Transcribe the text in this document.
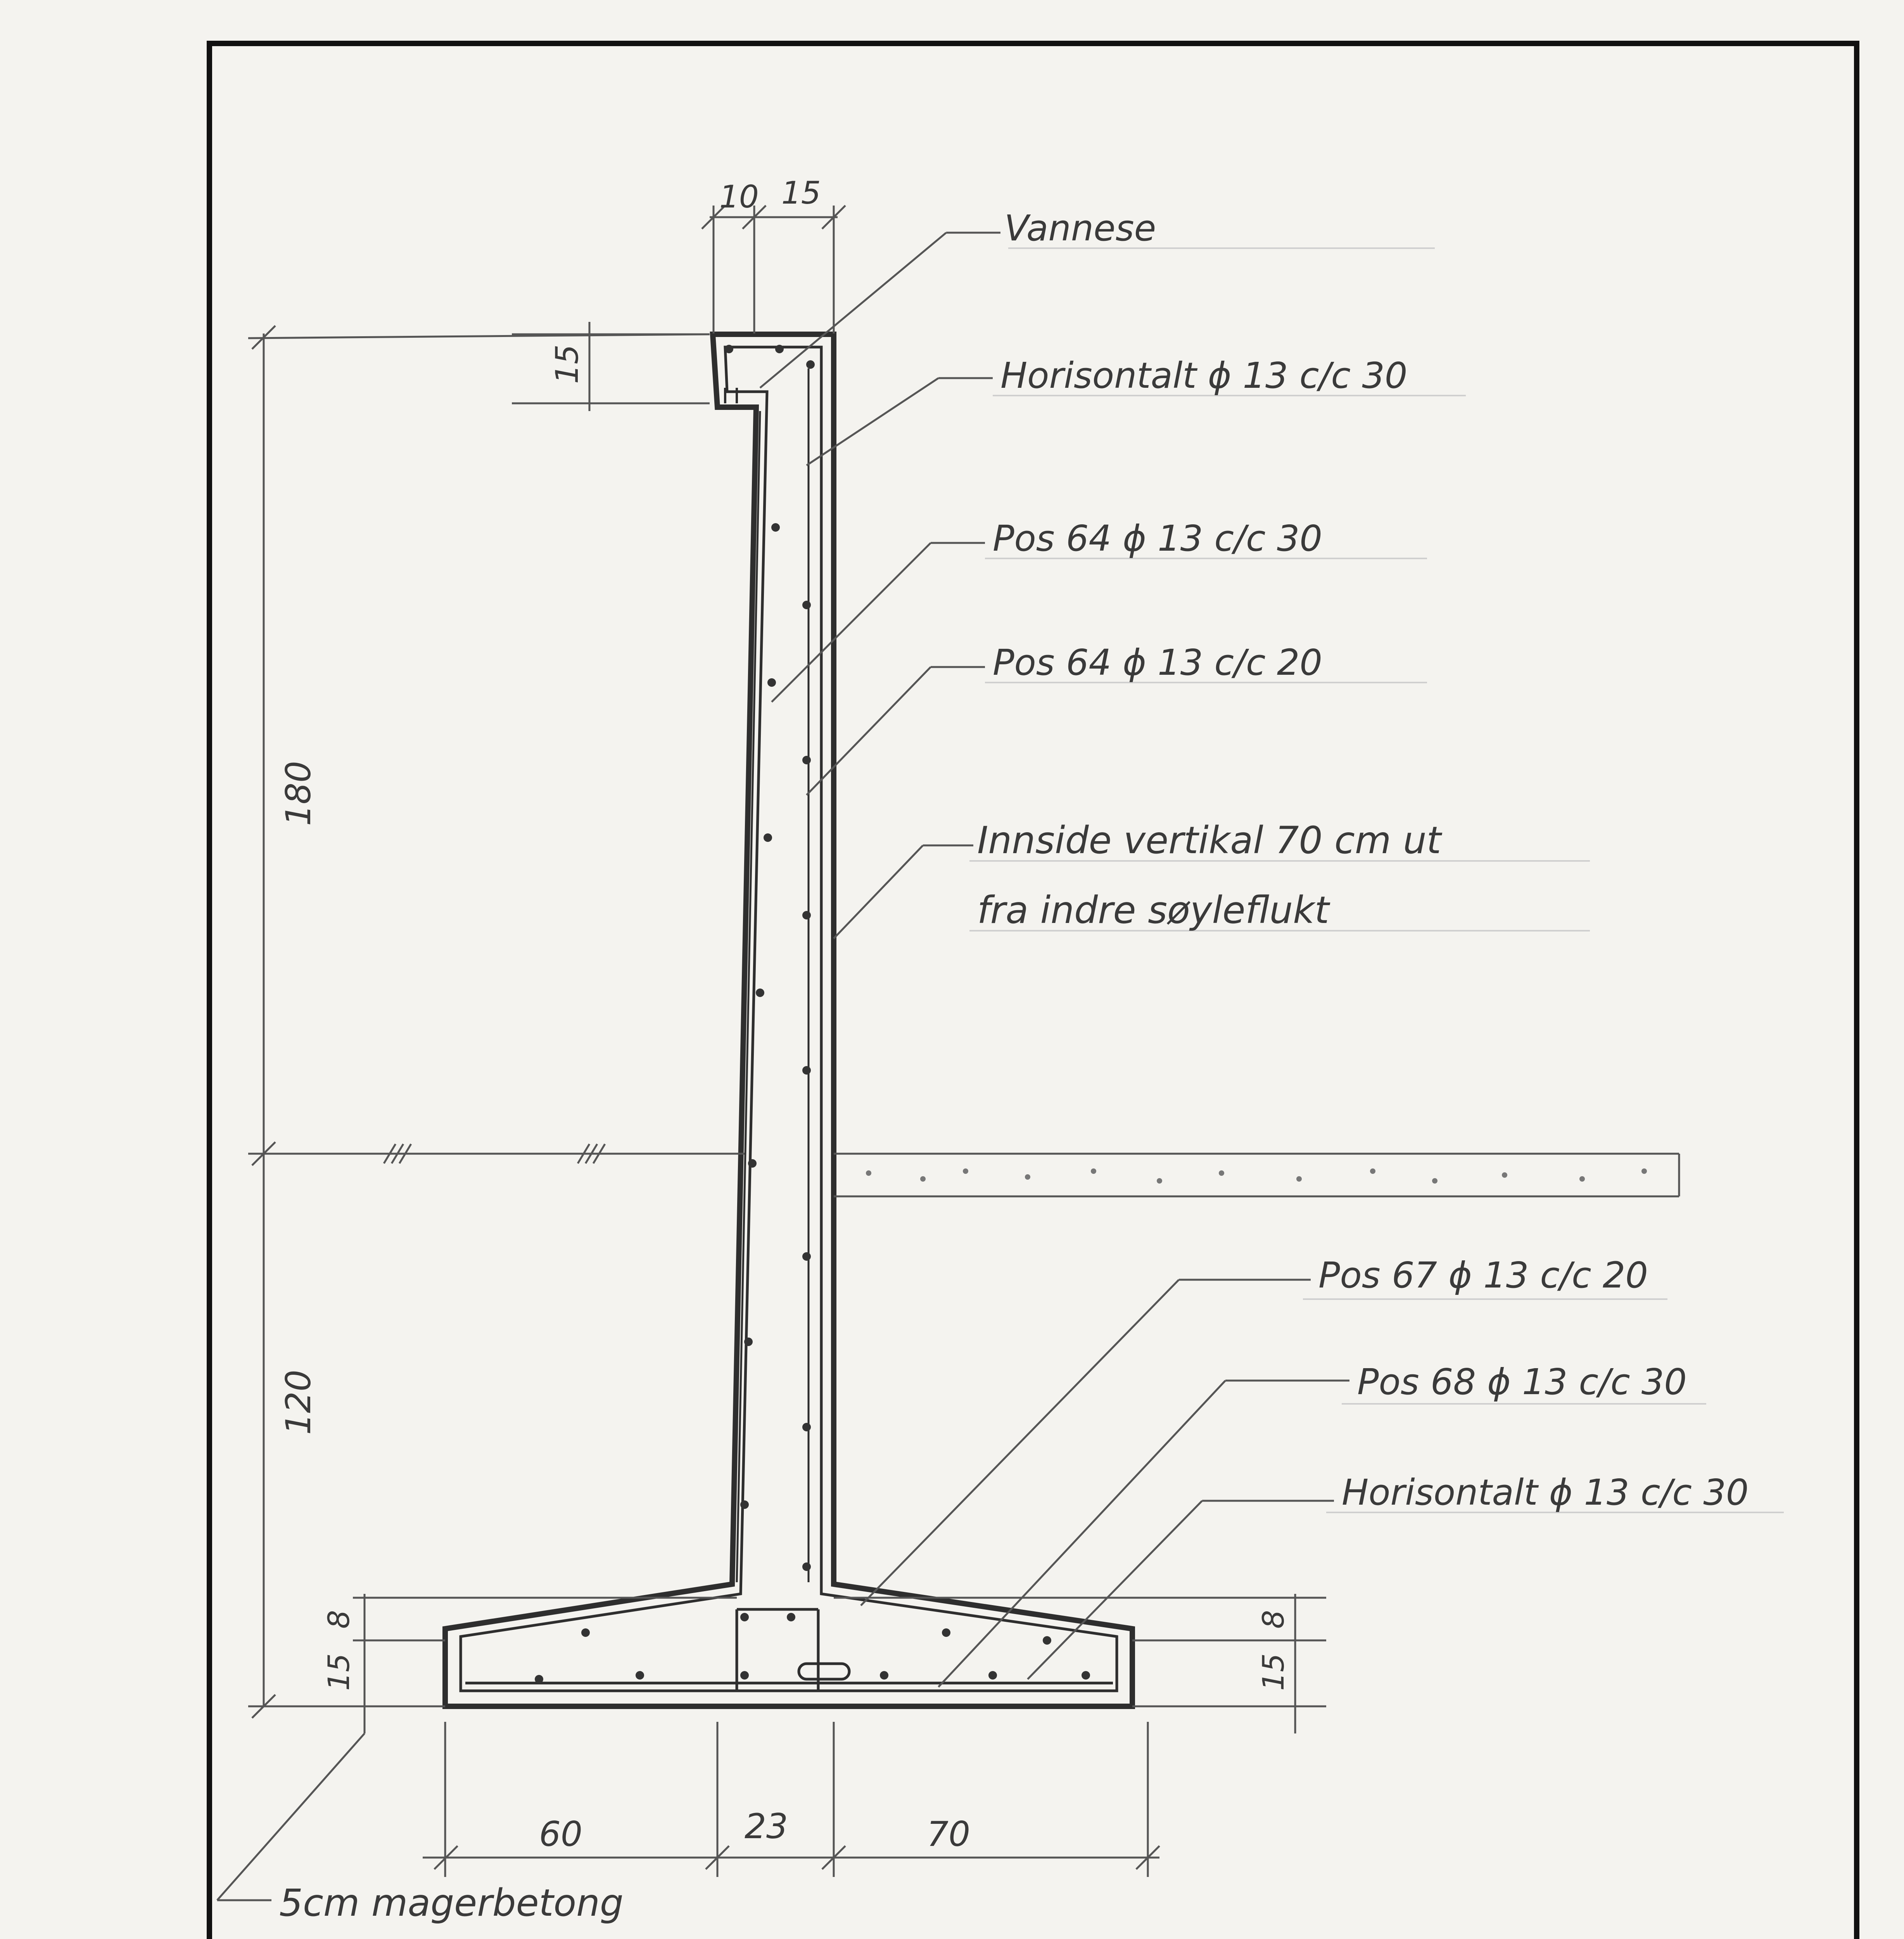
Vannese
Horisontalt ϕ 13 c/c 30
Pos 64 ϕ 13 c/c 30
Pos 64 ϕ 13 c/c 20
Innside vertikal 70 cm ut
fra indre søyleflukt
Pos 67 ϕ 13 c/c 20
Pos 68 ϕ 13 c/c 30
Horisontalt ϕ 13 c/c 30
5cm magerbetong
10 15
15
180
120
15
8
15
8
60	23	70
